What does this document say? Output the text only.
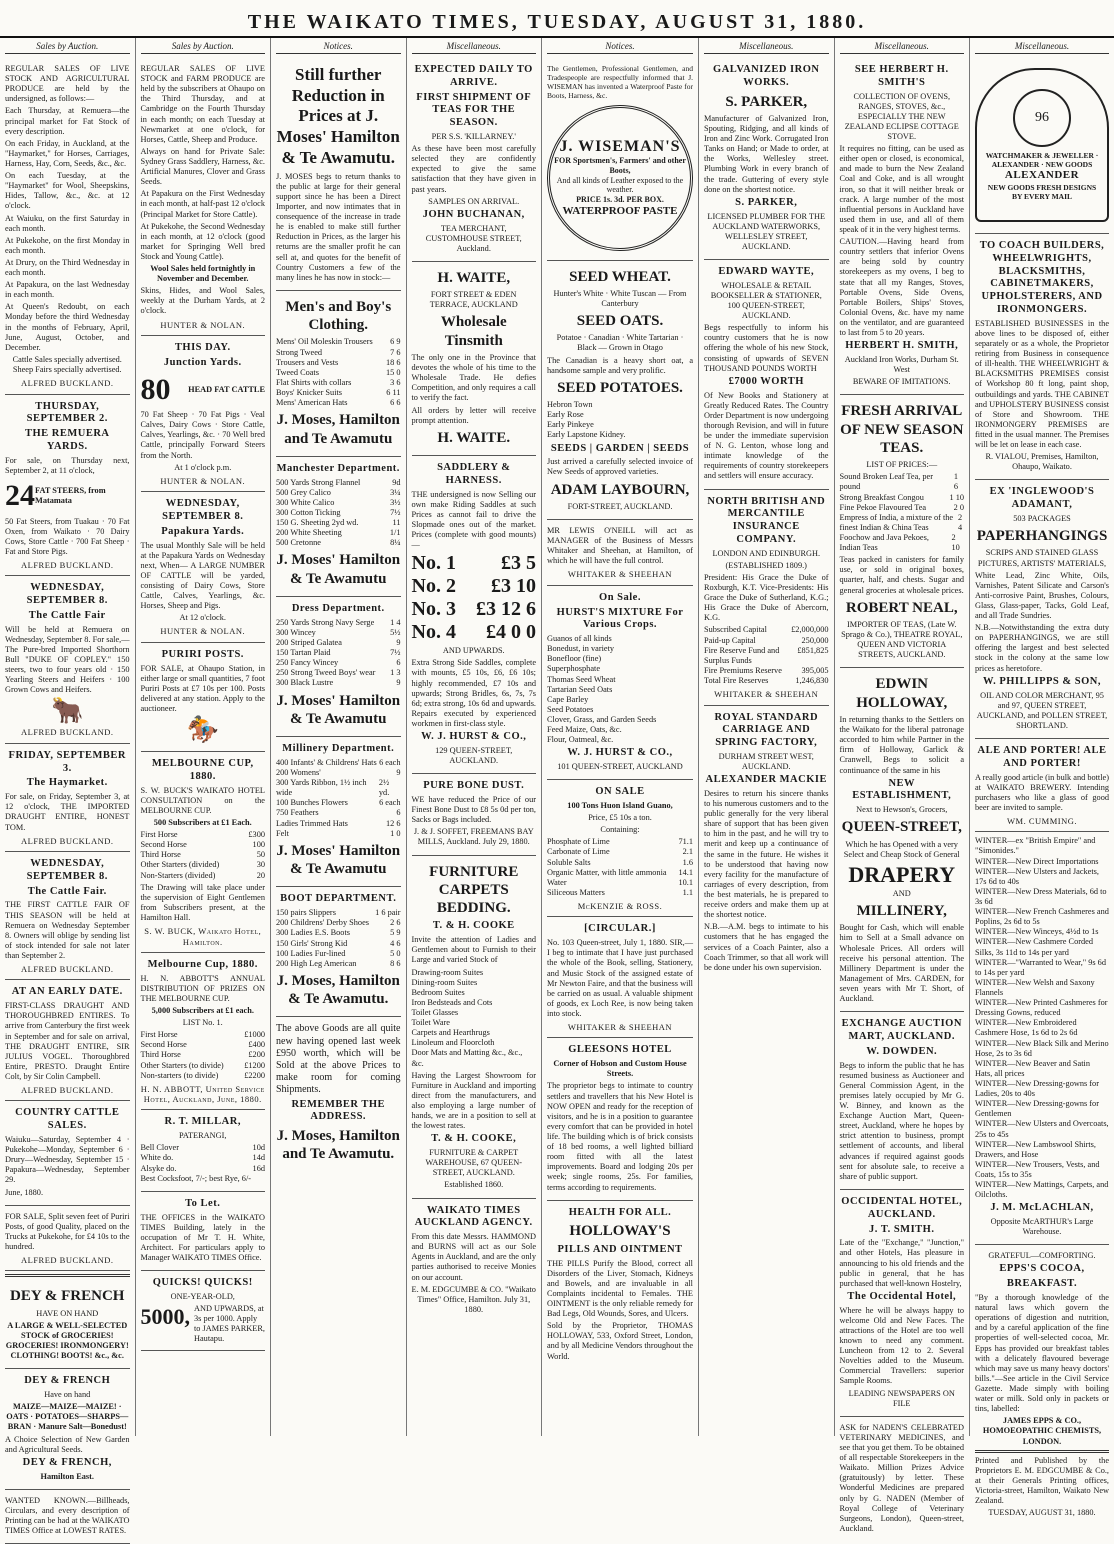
THE WAIKATO TIMES, TUESDAY, AUGUST 31, 1880.
Sales by Auction.

REGULAR SALES OF LIVE STOCK AND AGRICULTURAL PRODUCE are held by the undersigned, as follows:—

Each Thursday, at Remuera—the principal market for Fat Stock of every description.

On each Friday, in Auckland, at the "Haymarket," for Horses, Carriages, Harness, Hay, Corn, Seeds, &c., &c.

On each Tuesday, at the "Haymarket" for Wool, Sheepskins, Hides, Tallow, &c., &c. at 12 o'clock.

At Waiuku, on the first Saturday in each month.

At Pukekohe, on the first Monday in each month.

At Drury, on the Third Wednesday in each month.

At Papakura, on the last Wednesday in each month.

At Queen's Redoubt, on each Monday before the third Wednesday in the months of February, April, June, August, October, and December.

Cattle Sales specially advertised. Sheep Fairs specially advertised.

ALFRED BUCKLAND.
THURSDAY, SEPTEMBER 2.
THE REMUERA YARDS.

For sale, on Thursday next, September 2, at 11 o'clock,

24 FAT STEERS, from Matamata

50 Fat Steers, from Tuakau · 70 Fat Oxen, from Waikato · 70 Dairy Cows, Store Cattle · 700 Fat Sheep · Fat and Store Pigs.

ALFRED BUCKLAND.
WEDNESDAY, SEPTEMBER 8.
The Cattle Fair

Will be held at Remuera on Wednesday, September 8. For sale,— The Pure-bred Imported Shorthorn Bull "DUKE OF COPLEY." 150 steers, two to four years old · 150 Yearling Steers and Heifers · 100 Grown Cows and Heifers.

🐂
ALFRED BUCKLAND.
FRIDAY, SEPTEMBER 3.
The Haymarket.

For sale, on Friday, September 3, at 12 o'clock, THE IMPORTED DRAUGHT ENTIRE, HONEST TOM.

ALFRED BUCKLAND.
WEDNESDAY, SEPTEMBER 8.
The Cattle Fair.

THE FIRST CATTLE FAIR OF THIS SEASON will be held at Remuera on Wednesday September 8. Owners will oblige by sending list of stock intended for sale not later than September 2.

ALFRED BUCKLAND.
AT AN EARLY DATE.

FIRST-CLASS DRAUGHT AND THOROUGHBRED ENTIRES. To arrive from Canterbury the first week in September and for sale on arrival, THE DRAUGHT ENTIRE, SIR JULIUS VOGEL. Thoroughbred Entire, PRESTO. Draught Entire Colt, by Sir Colin Campbell.

ALFRED BUCKLAND.
COUNTRY CATTLE SALES.

Waiuku—Saturday, September 4 · Pukekohe—Monday, September 6 · Drury—Wednesday, September 15 · Papakura—Wednesday, September 29.

June, 1880.

FOR SALE, Split seven feet of Puriri Posts, of good Quality, placed on the Trucks at Pukekohe, for £4 10s to the hundred.

ALFRED BUCKLAND.
DEY & FRENCH

HAVE ON HAND

A LARGE & WELL-SELECTED STOCK of GROCERIES! GROCERIES! IRONMONGERY! CLOTHING! BOOTS! &c., &c.

DEY & FRENCH

Have on hand

MAIZE—MAIZE—MAIZE! · OATS · POTATOES—SHARPS—BRAN · Manure Salt—Bonedust!

A Choice Selection of New Garden and Agricultural Seeds.

DEY & FRENCH,

Hamilton East.

WANTED KNOWN.—Billheads, Circulars, and every description of Printing can be had at the WAIKATO TIMES Office at LOWEST RATES.

Sales by Auction.

REGULAR SALES OF LIVE STOCK and FARM PRODUCE are held by the subscribers at Ohaupo on the Third Thursday, and at Cambridge on the Fourth Thursday in each month; on each Tuesday at Newmarket at one o'clock, for Horses, Cattle, Sheep and Produce.

Always on hand for Private Sale: Sydney Grass Saddlery, Harness, &c. Artificial Manures, Clover and Grass Seeds.

At Papakura on the First Wednesday in each month, at half-past 12 o'clock (Principal Market for Store Cattle).

At Pukekohe, the Second Wednesday in each month, at 12 o'clock (good market for Springing Well bred Stock and Young Cattle).

Wool Sales held fortnightly in November and December.

Skins, Hides, and Wool Sales, weekly at the Durham Yards, at 2 o'clock.

HUNTER & NOLAN.
THIS DAY.
Junction Yards.
80 HEAD FAT CATTLE

70 Fat Sheep · 70 Fat Pigs · Veal Calves, Dairy Cows · Store Cattle, Calves, Yearlings, &c. · 70 Well bred Cattle, principally Forward Steers from the North.

At 1 o'clock p.m.

HUNTER & NOLAN.
WEDNESDAY, SEPTEMBER 8.
Papakura Yards.

The usual Monthly Sale will be held at the Papakura Yards on Wednesday next, When— A LARGE NUMBER OF CATTLE will be yarded, consisting of Dairy Cows, Store Cattle, Calves, Yearlings, &c. Horses, Sheep and Pigs.

At 12 o'clock.

HUNTER & NOLAN.
PURIRI POSTS.

FOR SALE, at Ohaupo Station, in either large or small quantities, 7 foot Puriri Posts at £7 10s per 100. Posts delivered at any station. Apply to the auctioneer.

🏇
MELBOURNE CUP, 1880.

S. W. BUCK'S WAIKATO HOTEL CONSULTATION on the MELBOURNE CUP.

500 Subscribers at £1 Each.

First Horse	£300
Second Horse	100
Third Horse	50
Other Starters (divided)	30
Non-Starters (divided)	20

The Drawing will take place under the supervision of Eight Gentlemen from Subscribers present, at the Hamilton Hall.

S. W. BUCK, Waikato Hotel, Hamilton.
Melbourne Cup, 1880.

H. N. ABBOTT'S ANNUAL DISTRIBUTION OF PRIZES ON THE MELBOURNE CUP.

5,000 Subscribers at £1 each.

LIST No. 1.

First Horse	£1000
Second Horse	£400
Third Horse	£200
Other Starters (to divide) £1200
Non-starters (to divide)	£2200
H. N. ABBOTT, United Service Hotel, Auckland, June, 1880.
R. T. MILLAR,

PATERANGI,

Bell Clover	10d
White do.	14d
Alsyke do.	16d
Best Cocksfoot, 7/-; best Rye, 6/-
To Let.

THE OFFICES in the WAIKATO TIMES Building, lately in the occupation of Mr T. H. White, Architect. For particulars apply to Manager WAIKATO TIMES Office.

QUICKS! QUICKS!

ONE-YEAR-OLD,

5000, AND UPWARDS, at 3s per 1000. Apply to JAMES PARKER, Hautapu.
Notices.
Still further Reduction in Prices at J. Moses' Hamilton & Te Awamutu.

J. MOSES begs to return thanks to the public at large for their general support since he has been a Direct Importer, and now intimates that in consequence of the increase in trade he is enabled to make still further Reduction in Prices, as the larger his returns are the smaller profit he can sell at, and quotes for the benefit of Country Customers a few of the many lines he has now in stock:—

Men's and Boy's Clothing.
Mens' Oil Moleskin Trousers 6 9
Strong Tweed	7 6
Trousers and Vests	18 6
Tweed Coats	15 0
Flat Shirts with collars	3 6
Boys' Knicker Suits	6 11
Mens' American Hats	6 6
J. Moses, Hamilton and Te Awamutu
Manchester Department.
500 Yards Strong Flannel	9d
500 Grey Calico	3¼
300 White Calico	3½
300 Cotton Ticking	7½
150 G. Sheeting 2yd wd.	11
200 White Sheeting	1/1
500 Cretonne	8¼
J. Moses' Hamilton & Te Awamutu
Dress Department.
250 Yards Strong Navy Serge 1 4
300 Wincey	5½
200 Striped Galatea	9
150 Tartan Plaid	7½
250 Fancy Wincey	6
250 Strong Tweed Boys' wear 1 3
300 Black Lustre	9
J. Moses' Hamilton & Te Awamutu
Millinery Department.
400 Infants' & Childrens' Hats 6 each
200 Womens'	9
300 Yards Ribbon, 1½ inch wide
2½ yd.
100 Bunches Flowers	6 each
750 Feathers	6
Ladies Trimmed Hats	12 6
Felt	1 0
J. Moses' Hamilton & Te Awamutu
BOOT DEPARTMENT.
150 pairs Slippers	1 6 pair
200 Childrens' Derby Shoes	2 6
300 Ladies E.S. Boots	5 9
150 Girls' Strong Kid	4 6
100 Ladies Fur-lined	5 0
200 High Leg American	8 6
J. Moses, Hamilton & Te Awamutu.

The above Goods are all quite new having opened last week £950 worth, which will be Sold at the above Prices to make room for coming Shipments.

REMEMBER THE ADDRESS.
J. Moses, Hamilton and Te Awamutu.
Miscellaneous.
EXPECTED DAILY TO ARRIVE.
FIRST SHIPMENT OF TEAS FOR THE SEASON.

PER S.S. 'KILLARNEY.'

As these have been most carefully selected they are confidently expected to give the same satisfaction that they have given in past years.

SAMPLES ON ARRIVAL.

JOHN BUCHANAN,

TEA MERCHANT, CUSTOMHOUSE STREET, Auckland.

H. WAITE,

FORT STREET & EDEN TERRACE, AUCKLAND

Wholesale Tinsmith

The only one in the Province that devotes the whole of his time to the Wholesale Trade. He defies Competition, and only requires a call to verify the fact.

All orders by letter will receive prompt attention.

H. WAITE.
SADDLERY & HARNESS.

THE undersigned is now Selling our own make Riding Saddles at such Prices as cannot fail to drive the Slopmade ones out of the market. Prices (complete with good mounts)—

No. 1 £3 5
No. 2 £3 10
No. 3 £3 12 6
No. 4 £4 0 0

AND UPWARDS.

Extra Strong Side Saddles, complete with mounts, £5 10s, £6, £6 10s; highly recommended, £7 10s and upwards; Strong Bridles, 6s, 7s, 7s 6d; extra strong, 10s 6d and upwards. Repairs executed by experienced workmen in first-class style.

W. J. HURST & CO.,

129 QUEEN-STREET, AUCKLAND.

PURE BONE DUST.

WE have reduced the Price of our Finest Bone Dust to £8 5s 0d per ton, Sacks or Bags included.

J. & J. SOFFET, FREEMANS BAY MILLS, Auckland. July 29, 1880.

FURNITURE CARPETS BEDDING.
T. & H. COOKE

Invite the attention of Ladies and Gentlemen about to Furnish to their Large and varied Stock of

Drawing-room Suites
Dining-room Suites
Bedroom Suites
Iron Bedsteads and Cots
Toilet Glasses
Toilet Ware
Carpets and Hearthrugs
Linoleum and Floorcloth
Door Mats and Matting &c., &c., &c.

Having the Largest Showroom for Furniture in Auckland and importing direct from the manufacturers, and also employing a large number of hands, we are in a position to sell at the lowest rates.

T. & H. COOKE,

FURNITURE & CARPET WAREHOUSE, 67 QUEEN-STREET, AUCKLAND.

Established 1860.

WAIKATO TIMES AUCKLAND AGENCY.

From this date Messrs. HAMMOND and BURNS will act as our Sole Agents in Auckland, and are the only parties authorised to receive Monies on our account.

E. M. EDGCUMBE & CO. "Waikato Times" Office, Hamilton. July 31, 1880.

Notices.

The Gentlemen, Professional Gentlemen, and Tradespeople are respectfully informed that J. WISEMAN has invented a Waterproof Paste for Boots, Harness, &c.

J. WISEMAN'S
FOR Sportsmen's, Farmers' and other Boots,
And all kinds of Leather exposed to the weather.
PRICE 1s. 3d. PER BOX.
WATERPROOF PASTE
SEED WHEAT.

Hunter's White · White Tuscan — From Canterbury

SEED OATS.

Potatoe · Canadian · White Tartarian · Black — Grown in Otago

The Canadian is a heavy short oat, a handsome sample and very prolific.

SEED POTATOES.
Hebron Town
Early Rose
Early Pinkeye
Early Lapstone Kidney.
SEEDS | GARDEN | SEEDS

Just arrived a carefully selected invoice of New Seeds of approved varieties.

ADAM LAYBOURN,

FORT-STREET, AUCKLAND.

MR LEWIS O'NEILL will act as MANAGER of the Business of Messrs Whitaker and Sheehan, at Hamilton, of which he will have the full control.

WHITAKER & SHEEHAN
On Sale.
HURST'S MIXTURE For Various Crops.
Guanos of all kinds
Bonedust, in variety
Bonefloor (fine)
Superphosphate
Thomas Seed Wheat
Tartarian Seed Oats
Cape Barley
Seed Potatoes
Clover, Grass, and Garden Seeds
Feed Maize, Oats, &c.
Flour, Oatmeal, &c.
W. J. HURST & CO.,

101 QUEEN-STREET, AUCKLAND

ON SALE

100 Tons Huon Island Guano,

Price, £5 10s a ton.

Containing:

Phosphate of Lime	71.1
Carbonate of Lime	2.1
Soluble Salts	1.6
Organic Matter, with little ammonia 14.1
Water	10.1
Siliceous Matters	1.1
McKENZIE & ROSS.
[CIRCULAR.]

No. 103 Queen-street, July 1, 1880. SIR,—I beg to intimate that I have just purchased the whole of the Book, selling, Stationery, and Music Stock of the assigned estate of Mr Newton Faire, and that the business will be carried on as usual. A valuable shipment of goods, ex Loch Ree, is now being taken into stock.

WHITAKER & SHEEHAN
GLEESONS HOTEL

Corner of Hobson and Custom House Streets.

The proprietor begs to intimate to country settlers and travellers that his New Hotel is NOW OPEN and ready for the reception of visitors, and he is in a position to guarantee every comfort that can be provided in hotel life. The building which is of brick consists of 18 bed rooms, a well lighted billiard room fitted with all the latest improvements. Board and lodging 20s per week; single rooms, 25s. For families, terms according to requirements.

HEALTH FOR ALL.
HOLLOWAY'S
PILLS AND OINTMENT

THE PILLS Purify the Blood, correct all Disorders of the Liver, Stomach, Kidneys and Bowels, and are invaluable in all Complaints incidental to Females. THE OINTMENT is the only reliable remedy for Bad Legs, Old Wounds, Sores, and Ulcers.

Sold by the Proprietor, THOMAS HOLLOWAY, 533, Oxford Street, London, and by all Medicine Vendors throughout the World.

Miscellaneous.
GALVANIZED IRON WORKS.
S. PARKER,

Manufacturer of Galvanized Iron, Spouting, Ridging, and all kinds of Iron and Zinc Work. Corrugated Iron Tanks on Hand; or Made to order, at the Works, Wellesley street. Plumbing Work in every branch of the trade. Guttering of every style done on the shortest notice.

S. PARKER,

LICENSED PLUMBER FOR THE AUCKLAND WATERWORKS, WELLESLEY STREET, AUCKLAND.

EDWARD WAYTE,

WHOLESALE & RETAIL BOOKSELLER & STATIONER, 100 QUEEN-STREET, AUCKLAND.

Begs respectfully to inform his country customers that he is now offering the whole of his new Stock, consisting of upwards of SEVEN THOUSAND POUNDS WORTH

£7000 WORTH

Of New Books and Stationery at Greatly Reduced Rates. The Country Order Department is now undergoing thorough Revision, and will in future be under the immediate supervision of N. G. Lenton, whose long and intimate knowledge of the requirements of country storekeepers and settlers will ensure accuracy.

NORTH BRITISH AND MERCANTILE INSURANCE COMPANY.

LONDON AND EDINBURGH.

(ESTABLISHED 1809.)

President: His Grace the Duke of Roxburgh, K.T. Vice-Presidents: His Grace the Duke of Sutherland, K.G.; His Grace the Duke of Abercorn, K.G.

Subscribed Capital	£2,000,000
Paid-up Capital	250,000
Fire Reserve Fund and Surplus Funds
£851,825
Fire Premiums Reserve 395,005
Total Fire Reserves	1,246,830
WHITAKER & SHEEHAN
ROYAL STANDARD CARRIAGE AND SPRING FACTORY,

DURHAM STREET WEST, AUCKLAND.

ALEXANDER MACKIE

Desires to return his sincere thanks to his numerous customers and to the public generally for the very liberal share of support that has been given to him in the past, and he will try to merit and keep up a continuance of the same in the future. He wishes it to be understood that having now every facility for the manufacture of carriages of every description, from the best materials, he is prepared to receive orders and make them up at the shortest notice.

N.B.—A.M. begs to intimate to his customers that he has engaged the services of a Coach Painter, also a Coach Trimmer, so that all work will be done under his own supervision.

Miscellaneous.
SEE HERBERT H. SMITH'S

COLLECTION OF OVENS, RANGES, STOVES, &c., ESPECIALLY THE NEW ZEALAND ECLIPSE COTTAGE STOVE.

It requires no fitting, can be used as either open or closed, is economical, and made to burn the New Zealand Coal and Coke, and is all wrought iron, so that it will neither break or crack. A large number of the most influential persons in Auckland have used them in use, and all of them speak of it in the very highest terms.

CAUTION.—Having heard from country settlers that inferior Ovens are being sold by country storekeepers as my ovens, I beg to state that all my Ranges, Stoves, Portable Ovens, Side Ovens, Portable Boilers, Ships' Stoves, Colonial Ovens, &c. have my name on the ventilator, and are guaranteed to last from 5 to 20 years.

HERBERT H. SMITH,

Auckland Iron Works, Durham St. West

BEWARE OF IMITATIONS.

FRESH ARRIVAL OF NEW SEASON TEAS.

LIST OF PRICES:—

Sound Broken Leaf Tea, per pound
1 6
Strong Breakfast Congou	1 10
Fine Pekoe Flavoured Tea	2 0
Empress of India, a mixture of the finest Indian & China Teas
2 4
Foochow and Java Pekoes, Indian Teas
2 10

Teas packed in canisters for family use, or sold in original boxes, quarter, half, and chests. Sugar and general groceries at wholesale prices.

ROBERT NEAL,

IMPORTER OF TEAS, (Late W. Sprago & Co.), THEATRE ROYAL, QUEEN AND VICTORIA STREETS, AUCKLAND.

EDWIN HOLLOWAY,

In returning thanks to the Settlers on the Waikato for the liberal patronage accorded to him while Partner in the firm of Holloway, Garlick & Cranwell, Begs to solicit a continuance of the same in his

NEW ESTABLISHMENT,

Next to Hewson's, Grocers,

QUEEN-STREET,

Which he has Opened with a very Select and Cheap Stock of General

DRAPERY

AND

MILLINERY,

Bought for Cash, which will enable him to Sell at a Small advance on Wholesale Prices. All orders will receive his personal attention. The Millinery Department is under the Management of Mrs. CARDEN, for seven years with Mr T. Short, of Auckland.

EXCHANGE AUCTION MART, AUCKLAND.
W. DOWDEN.

Begs to inform the public that he has resumed business as Auctioneer and General Commission Agent, in the premises lately occupied by Mr G. W. Binney, and known as the Exchange Auction Mart, Queen-street, Auckland, where he hopes by strict attention to business, prompt settlement of accounts, and liberal advances if required against goods sent for absolute sale, to receive a share of public support.

OCCIDENTAL HOTEL, AUCKLAND.
J. T. SMITH.

Late of the "Exchange," "Junction," and other Hotels, Has pleasure in announcing to his old friends and the public in general, that he has purchased that well-known Hostelry,

The Occidental Hotel,

Where he will be always happy to welcome Old and New Faces. The attractions of the Hotel are too well known to need any comment. Luncheon from 12 to 2. Several Novelties added to the Museum. Commercial Travellers: superior Sample Rooms.

LEADING NEWSPAPERS ON FILE

ASK for NADEN'S CELEBRATED VETERINARY MEDICINES, and see that you get them. To be obtained of all respectable Storekeepers in the Waikato. Million Prizes Advice (gratuitously) by letter. These Wonderful Medicines are prepared only by G. NADEN (Member of Royal College of Veterinary Surgeons, London), Queen-street, Auckland.

Miscellaneous.
96
WATCHMAKER & JEWELLER · ALEXANDER · NEW GOODS
ALEXANDER
NEW GOODS FRESH DESIGNS
BY EVERY MAIL
TO COACH BUILDERS, WHEELWRIGHTS, BLACKSMITHS, CABINETMAKERS, UPHOLSTERERS, AND IRONMONGERS.

ESTABLISHED BUSINESSES in the above lines to be disposed of, either separately or as a whole, the Proprietor retiring from Business in consequence of ill-health. THE WHEELWRIGHT & BLACKSMITHS PREMISES consist of Workshop 80 ft long, paint shop, outbuildings and yards. THE CABINET and UPHOLSTERY BUSINESS consist of Store and Showroom. THE IRONMONGERY PREMISES are fitted in the usual manner. The Premises will be let on lease in each case.

R. VIALOU, Premises, Hamilton, Ohaupo, Waikato.

EX 'INGLEWOOD'S ADAMANT,

503 PACKAGES

PAPERHANGINGS

SCRIPS AND STAINED GLASS PICTURES, ARTISTS' MATERIALS,

White Lead, Zinc White, Oils, Varnishes, Patent Silicate and Carson's Anti-corrosive Paint, Brushes, Colours, Glass, Glass-paper, Tacks, Gold Leaf, and all Trade Sundries.

N.B.—Notwithstanding the extra duty on PAPERHANGINGS, we are still offering the largest and best selected stock in the colony at the same low prices as heretofore.

W. PHILLIPPS & SON,

OIL AND COLOR MERCHANT, 95 and 97, QUEEN STREET, AUCKLAND, and POLLEN STREET, SHORTLAND.

ALE AND PORTER! ALE AND PORTER!

A really good article (in bulk and bottle) at WAIKATO BREWERY. Intending purchasers who like a glass of good beer are invited to sample.

WM. CUMMING.
WINTER—ex "British Empire" and "Simonides."
WINTER—New Direct Importations
WINTER—New Ulsters and Jackets, 17s 6d to 40s
WINTER—New Dress Materials, 6d to 3s 6d
WINTER—New French Cashmeres and Poplins, 2s 6d to 5s
WINTER—New Winceys, 4½d to 1s
WINTER—New Cashmere Corded Silks, 3s 11d to 14s per yard
WINTER—"Warranted to Wear," 9s 6d to 14s per yard
WINTER—New Welsh and Saxony Flannels
WINTER—New Printed Cashmeres for Dressing Gowns, reduced
WINTER—New Embroidered Cashmere Hose, 1s 6d to 2s 6d
WINTER—New Black Silk and Merino Hose, 2s to 3s 6d
WINTER—New Beaver and Satin Hats, all prices
WINTER—New Dressing-gowns for Ladies, 20s to 40s
WINTER—New Dressing-gowns for Gentlemen
WINTER—New Ulsters and Overcoats, 25s to 45s
WINTER—New Lambswool Shirts, Drawers, and Hose
WINTER—New Trousers, Vests, and Coats, 15s to 35s
WINTER—New Mattings, Carpets, and Oilcloths.
J. M. McLACHLAN,

Opposite McARTHUR's Large Warehouse.

GRATEFUL—COMFORTING.

EPPS'S COCOA,
BREAKFAST.

"By a thorough knowledge of the natural laws which govern the operations of digestion and nutrition, and by a careful application of the fine properties of well-selected cocoa, Mr. Epps has provided our breakfast tables with a delicately flavoured beverage which may save us many heavy doctors' bills."—See article in the Civil Service Gazette. Made simply with boiling water or milk. Sold only in packets or tins, labelled:

JAMES EPPS & CO., HOMOEOPATHIC CHEMISTS, LONDON.

Printed and Published by the Proprietors E. M. EDGCUMBE & Co., at their Generals Printing offices, Victoria-street, Hamilton, Waikato New Zealand.

TUESDAY, AUGUST 31, 1880.
